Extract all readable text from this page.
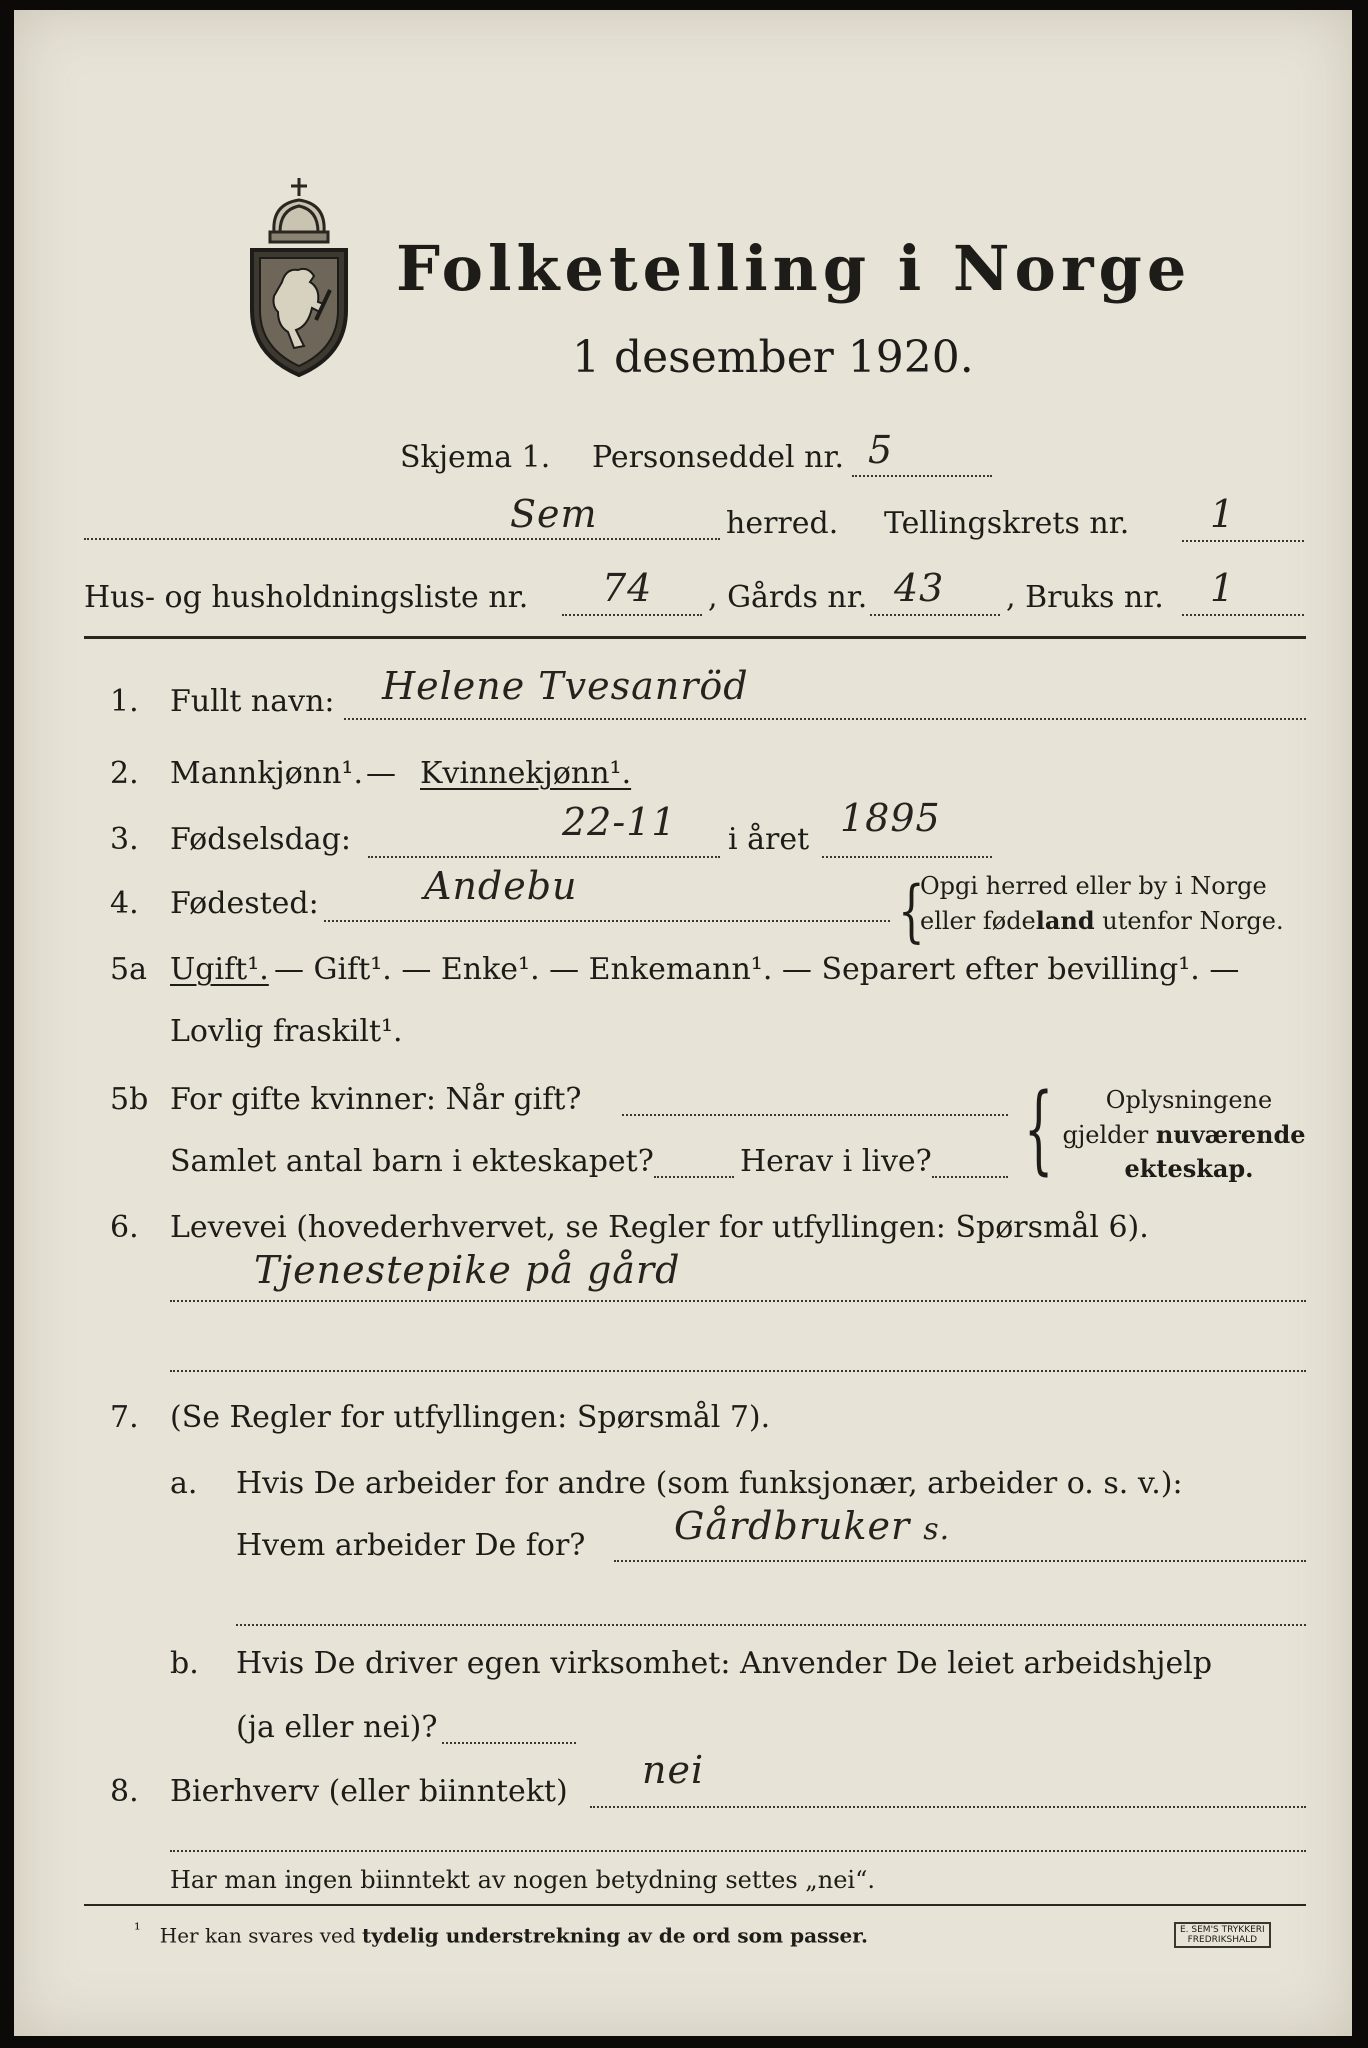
Folketelling i Norge
1 desember 1920.
Skjema 1. Personseddel nr. 5
Sem	herred. Tellingskrets nr. 1
Hus- og husholdningsliste nr. 74 , Gårds nr. 43 , Bruks nr. 1
1. Fullt navn: Helene Tvesanröd
2. Mannkjønn¹. — Kvinnekjønn¹.
3. Fødselsdag:	22-11 i året 1895
4. Fødested:	Andebu	{
Opgi herred eller by i Norge
eller fødeland utenfor Norge.
5a Ugift¹. — Gift¹. — Enke¹. — Enkemann¹. — Separert efter bevilling¹. —
Lovlig fraskilt¹.
5b For gifte kvinner: Når gift?
Samlet antal barn i ekteskapet?	Herav i live? {	Oplysningene
gjelder nuværende
ekteskap.
6. Levevei (hovederhvervet, se Regler for utfyllingen: Spørsmål 6).
Tjenestepike på gård
7. (Se Regler for utfyllingen: Spørsmål 7).
a. Hvis De arbeider for andre (som funksjonær, arbeider o. s. v.):
Hvem arbeider De for? Gårdbruker s.
b. Hvis De driver egen virksomhet: Anvender De leiet arbeidshjelp
(ja eller nei)?
8. Bierhverv (eller biinntekt) nei
Har man ingen biinntekt av nogen betydning settes „nei“.
$^{^1}$ Her kan svares ved tydelig understrekning av de ord som passer.	E. SEM'S TRYKKERI
FREDRIKSHALD
